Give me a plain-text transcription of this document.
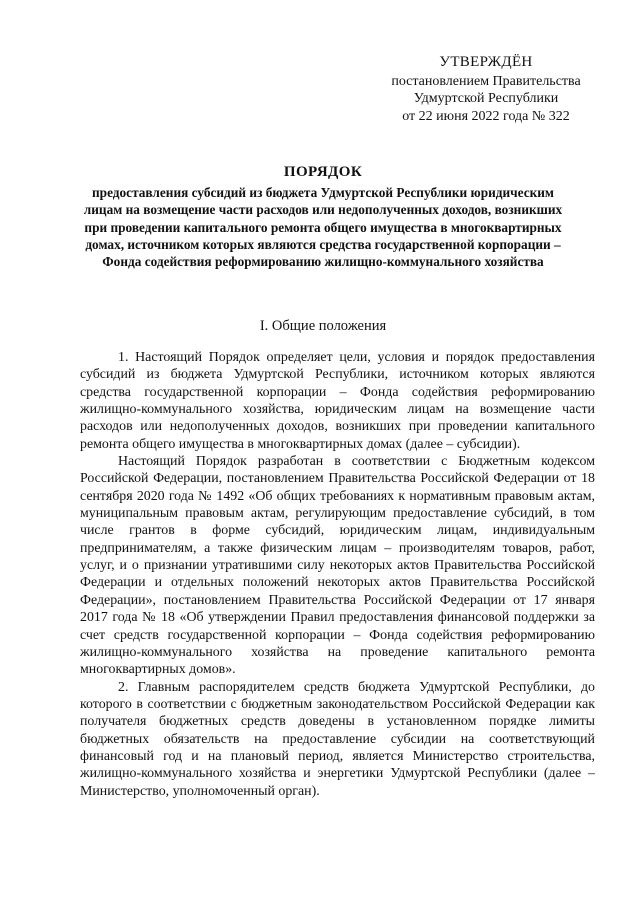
УТВЕРЖДЁН
постановлением Правительства
Удмуртской Республики
от 22 июня 2022 года № 322
ПОРЯДОК
предоставления субсидий из бюджета Удмуртской Республики юридическим лицам на возмещение части расходов или недополученных доходов, возникших при проведении капитального ремонта общего имущества в многоквартирных домах, источником которых являются средства государственной корпорации – Фонда содействия реформированию жилищно-коммунального хозяйства
I. Общие положения

1. Настоящий Порядок определяет цели, условия и порядок предоставления субсидий из бюджета Удмуртской Республики, источником которых являются средства государственной корпорации – Фонда содействия реформированию жилищно-коммунального хозяйства, юридическим лицам на возмещение части расходов или недополученных доходов, возникших при проведении капитального ремонта общего имущества в многоквартирных домах (далее – субсидии).

Настоящий Порядок разработан в соответствии с Бюджетным кодексом Российской Федерации, постановлением Правительства Российской Федерации от 18 сентября 2020 года № 1492 «Об общих требованиях к нормативным правовым актам, муниципальным правовым актам, регулирующим предоставление субсидий, в том числе грантов в форме субсидий, юридическим лицам, индивидуальным предпринимателям, а также физическим лицам – производителям товаров, работ, услуг, и о признании утратившими силу некоторых актов Правительства Российской Федерации и отдельных положений некоторых актов Правительства Российской Федерации», постановлением Правительства Российской Федерации от 17 января 2017 года № 18 «Об утверждении Правил предоставления финансовой поддержки за счет средств государственной корпорации – Фонда содействия реформированию жилищно-коммунального хозяйства на проведение капитального ремонта многоквартирных домов».

2. Главным распорядителем средств бюджета Удмуртской Республики, до которого в соответствии с бюджетным законодательством Российской Федерации как получателя бюджетных средств доведены в установленном порядке лимиты бюджетных обязательств на предоставление субсидии на соответствующий финансовый год и на плановый период, является Министерство строительства, жилищно-коммунального хозяйства и энергетики Удмуртской Республики (далее – Министерство, уполномоченный орган).
